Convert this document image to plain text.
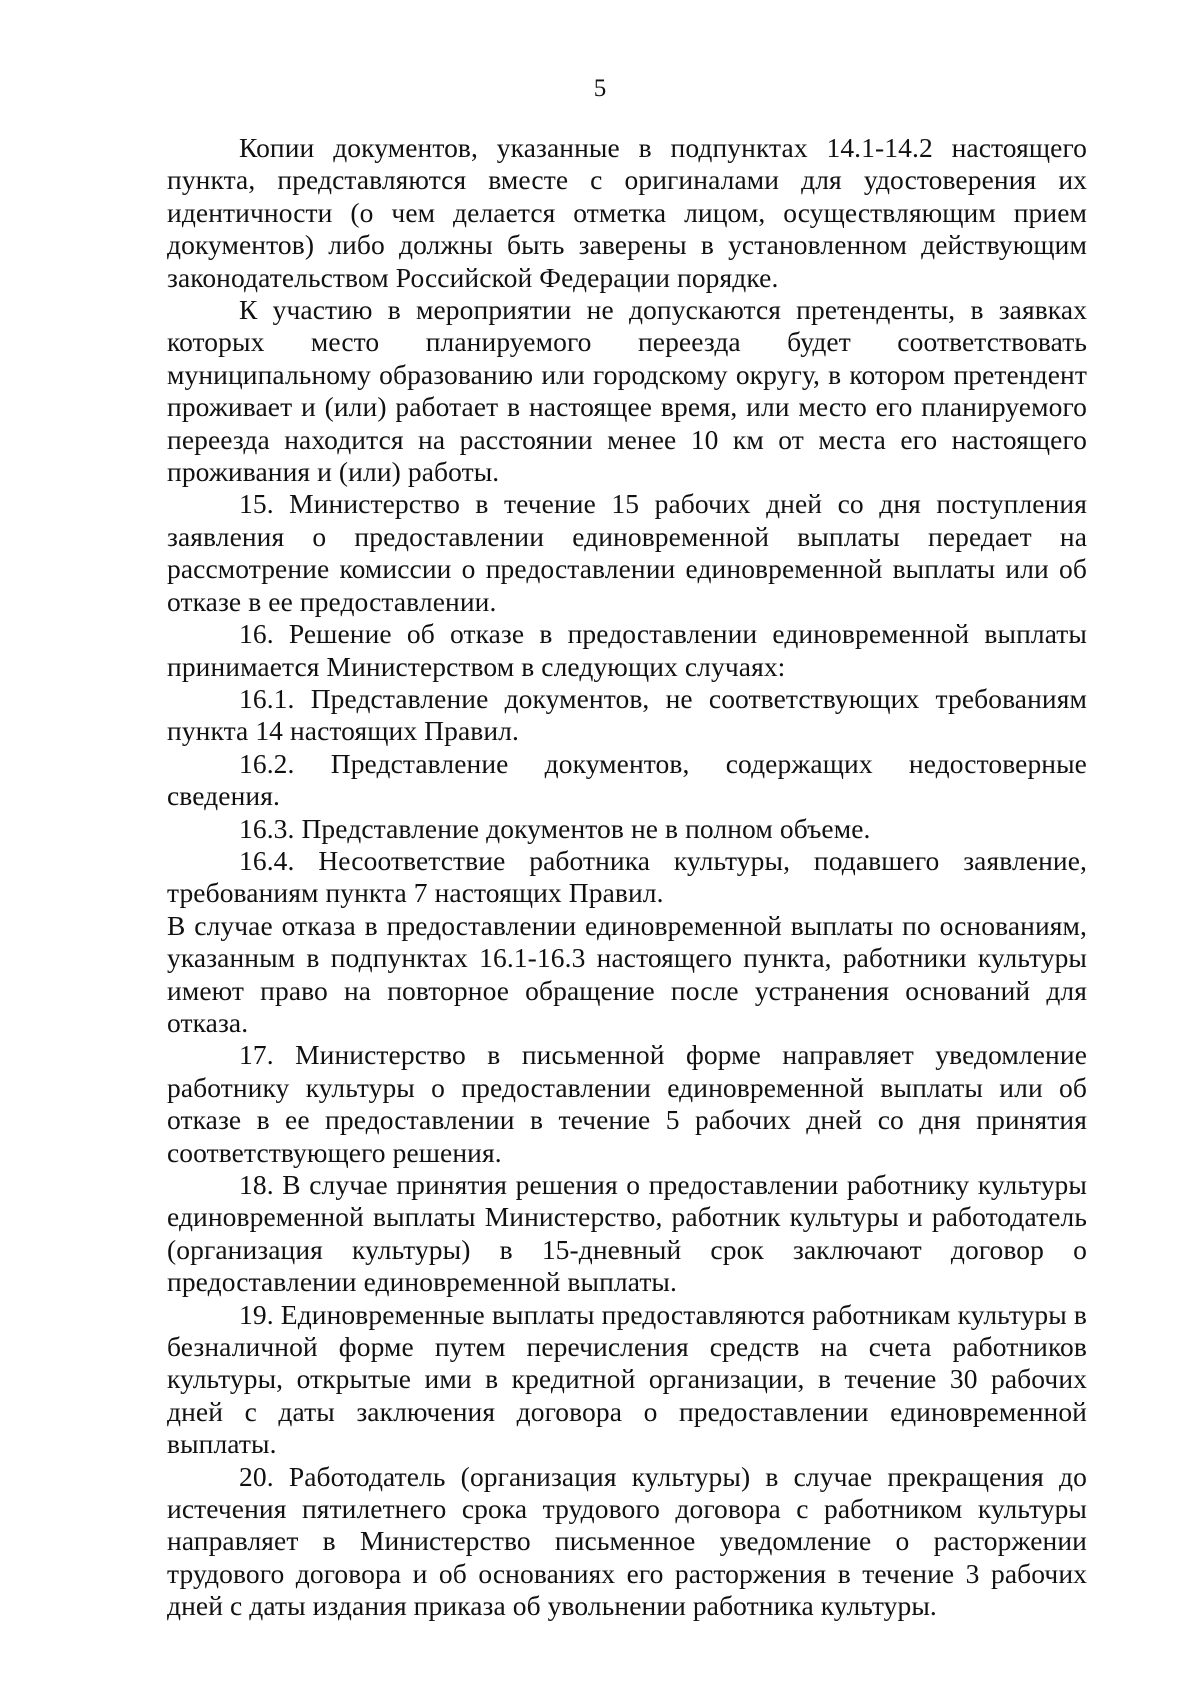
5

Копии документов, указанные в подпунктах 14.1-14.2 настоящего пункта, представляются вместе с оригиналами для удостоверения их идентичности (о чем делается отметка лицом, осуществляющим прием документов) либо должны быть заверены в установленном действующим законодательством Российской Федерации порядке.

К участию в мероприятии не допускаются претенденты, в заявках которых место планируемого переезда будет соответствовать муниципальному образованию или городскому округу, в котором претендент проживает и (или) работает в настоящее время, или место его планируемого переезда находится на расстоянии менее 10 км от места его настоящего проживания и (или) работы.

15. Министерство в течение 15 рабочих дней со дня поступления заявления о предоставлении единовременной выплаты передает на рассмотрение комиссии о предоставлении единовременной выплаты или об отказе в ее предоставлении.

16. Решение об отказе в предоставлении единовременной выплаты принимается Министерством в следующих случаях:

16.1. Представление документов, не соответствующих требованиям пункта 14 настоящих Правил.

16.2. Представление документов, содержащих недостоверные сведения.

16.3. Представление документов не в полном объеме.

16.4. Несоответствие работника культуры, подавшего заявление, требованиям пункта 7 настоящих Правил.

В случае отказа в предоставлении единовременной выплаты по основаниям, указанным в подпунктах 16.1-16.3 настоящего пункта, работники культуры имеют право на повторное обращение после устранения оснований для отказа.

17. Министерство в письменной форме направляет уведомление работнику культуры о предоставлении единовременной выплаты или об отказе в ее предоставлении в течение 5 рабочих дней со дня принятия соответствующего решения.

18. В случае принятия решения о предоставлении работнику культуры единовременной выплаты Министерство, работник культуры и работодатель (организация культуры) в 15-дневный срок заключают договор о предоставлении единовременной выплаты.

19. Единовременные выплаты предоставляются работникам культуры в безналичной форме путем перечисления средств на счета работников культуры, открытые ими в кредитной организации, в течение 30 рабочих дней с даты заключения договора о предоставлении единовременной выплаты.

20. Работодатель (организация культуры) в случае прекращения до истечения пятилетнего срока трудового договора с работником культуры направляет в Министерство письменное уведомление о расторжении трудового договора и об основаниях его расторжения в течение 3 рабочих дней с даты издания приказа об увольнении работника культуры.
